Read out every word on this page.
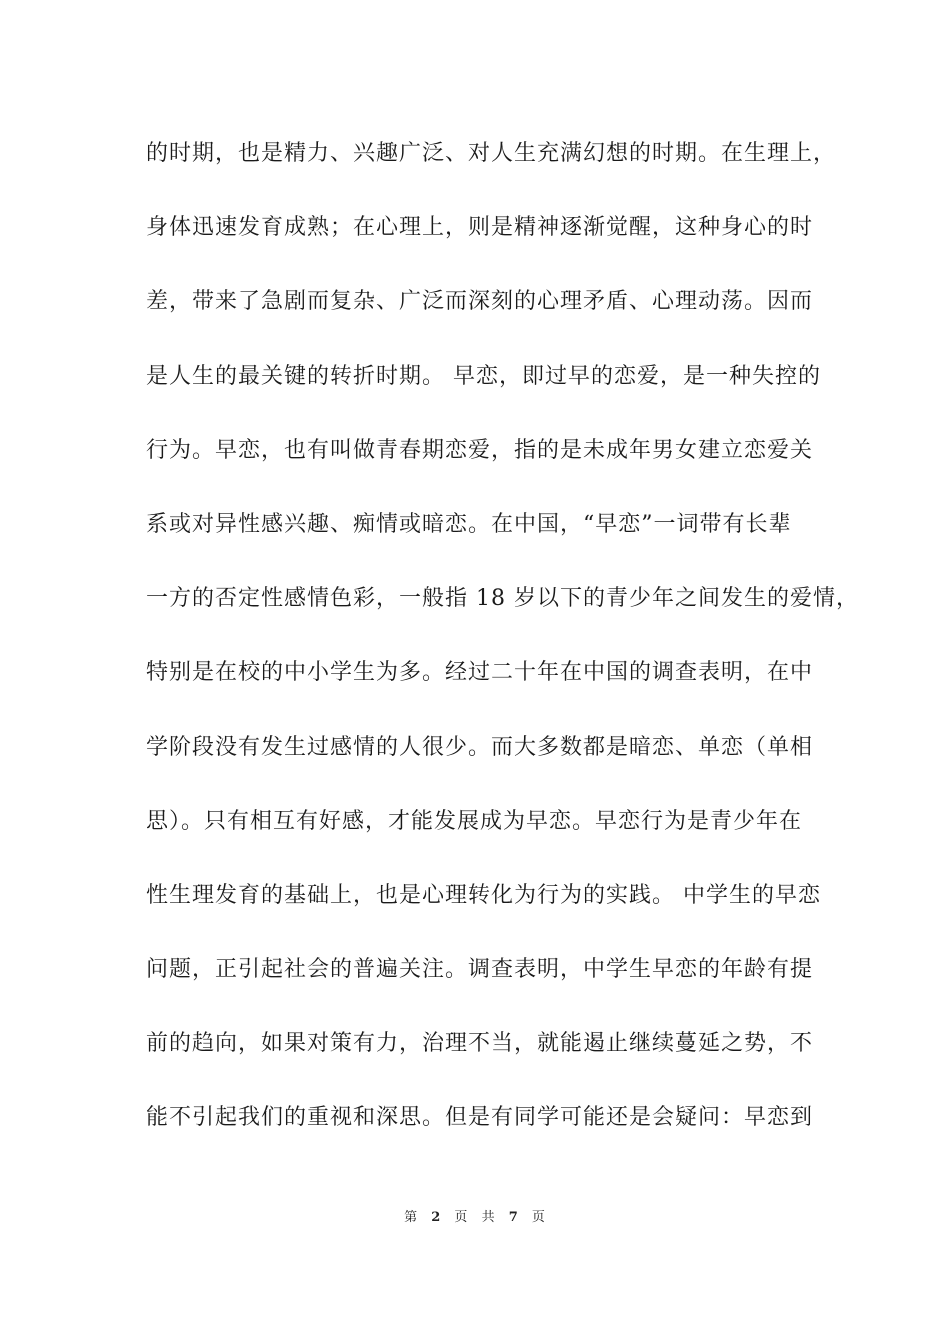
的时期，也是精力、兴趣广泛、对人生充满幻想的时期。在生理上，
身体迅速发育成熟；在心理上，则是精神逐渐觉醒，这种身心的时
差，带来了急剧而复杂、广泛而深刻的心理矛盾、心理动荡。因而
是人生的最关键的转折时期。 早恋，即过早的恋爱，是一种失控的
行为。早恋，也有叫做青春期恋爱，指的是未成年男女建立恋爱关
系或对异性感兴趣、痴情或暗恋。在中国，“早恋”一词带有长辈
一方的否定性感情色彩，一般指 18 岁以下的青少年之间发生的爱情，
特别是在校的中小学生为多。经过二十年在中国的调查表明，在中
学阶段没有发生过感情的人很少。而大多数都是暗恋、单恋（单相
思）。只有相互有好感，才能发展成为早恋。早恋行为是青少年在
性生理发育的基础上，也是心理转化为行为的实践。 中学生的早恋
问题，正引起社会的普遍关注。调查表明，中学生早恋的年龄有提
前的趋向，如果对策有力，治理不当，就能遏止继续蔓延之势，不
能不引起我们的重视和深思。但是有同学可能还是会疑问：早恋到
第 2 页 共 7 页
